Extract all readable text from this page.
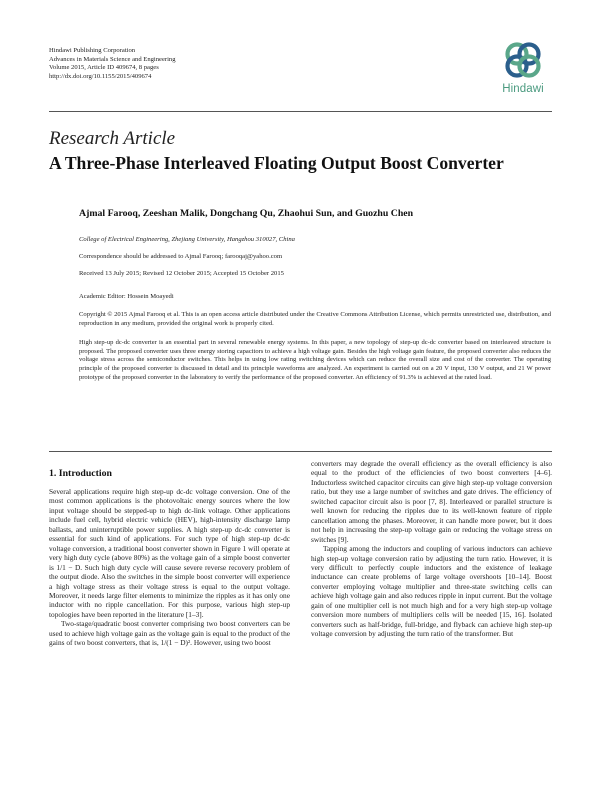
Hindawi Publishing Corporation
Advances in Materials Science and Engineering
Volume 2015, Article ID 409674, 8 pages
http://dx.doi.org/10.1155/2015/409674
Hindawi
Research Article
A Three-Phase Interleaved Floating Output Boost Converter
Ajmal Farooq, Zeeshan Malik, Dongchang Qu, Zhaohui Sun, and Guozhu Chen
College of Electrical Engineering, Zhejiang University, Hangzhou 310027, China
Correspondence should be addressed to Ajmal Farooq; farooqaj@yahoo.com
Received 13 July 2015; Revised 12 October 2015; Accepted 15 October 2015
Academic Editor: Hossein Moayedi
Copyright © 2015 Ajmal Farooq et al. This is an open access article distributed under the Creative Commons Attribution License, which permits unrestricted use, distribution, and reproduction in any medium, provided the original work is properly cited.
High step-up dc-dc converter is an essential part in several renewable energy systems. In this paper, a new topology of step-up dc-dc converter based on interleaved structure is proposed. The proposed converter uses three energy storing capacitors to achieve a high voltage gain. Besides the high voltage gain feature, the proposed converter also reduces the voltage stress across the semiconductor switches. This helps in using low rating switching devices which can reduce the overall size and cost of the converter. The operating principle of the proposed converter is discussed in detail and its principle waveforms are analyzed. An experiment is carried out on a 20 V input, 130 V output, and 21 W power prototype of the proposed converter in the laboratory to verify the performance of the proposed converter. An efficiency of 91.3% is achieved at the rated load.
1. Introduction

Several applications require high step-up dc-dc voltage conversion. One of the most common applications is the photovoltaic energy sources where the low input voltage should be stepped-up to high dc-link voltage. Other applications include fuel cell, hybrid electric vehicle (HEV), high-intensity discharge lamp ballasts, and uninterruptible power supplies. A high step-up dc-dc converter is essential for such kind of applications. For such type of high step-up dc-dc voltage conversion, a traditional boost converter shown in Figure 1 will operate at very high duty cycle (above 80%) as the voltage gain of a simple boost converter is 1/1 − D. Such high duty cycle will cause severe reverse recovery problem of the output diode. Also the switches in the simple boost converter will experience a high voltage stress as their voltage stress is equal to the output voltage. Moreover, it needs large filter elements to minimize the ripples as it has only one inductor with no ripple cancellation. For this purpose, various high step-up topologies have been reported in the literature [1–3].

Two-stage/quadratic boost converter comprising two boost converters can be used to achieve high voltage gain as the voltage gain is equal to the product of the gains of two boost converters, that is, 1/(1 − D)². However, using two boost

converters may degrade the overall efficiency as the overall efficiency is also equal to the product of the efficiencies of two boost converters [4–6]. Inductorless switched capacitor circuits can give high step-up voltage conversion ratio, but they use a large number of switches and gate drives. The efficiency of switched capacitor circuit also is poor [7, 8]. Interleaved or parallel structure is well known for reducing the ripples due to its well-known feature of ripple cancellation among the phases. Moreover, it can handle more power, but it does not help in increasing the step-up voltage gain or reducing the voltage stress on switches [9].

Tapping among the inductors and coupling of various inductors can achieve high step-up voltage conversion ratio by adjusting the turn ratio. However, it is very difficult to perfectly couple inductors and the existence of leakage inductance can create problems of large voltage overshoots [10–14]. Boost converter employing voltage multiplier and three-state switching cells can achieve high voltage gain and also reduces ripple in input current. But the voltage gain of one multiplier cell is not much high and for a very high step-up voltage conversion more numbers of multipliers cells will be needed [15, 16]. Isolated converters such as half-bridge, full-bridge, and flyback can achieve high step-up voltage conversion by adjusting the turn ratio of the transformer. But
